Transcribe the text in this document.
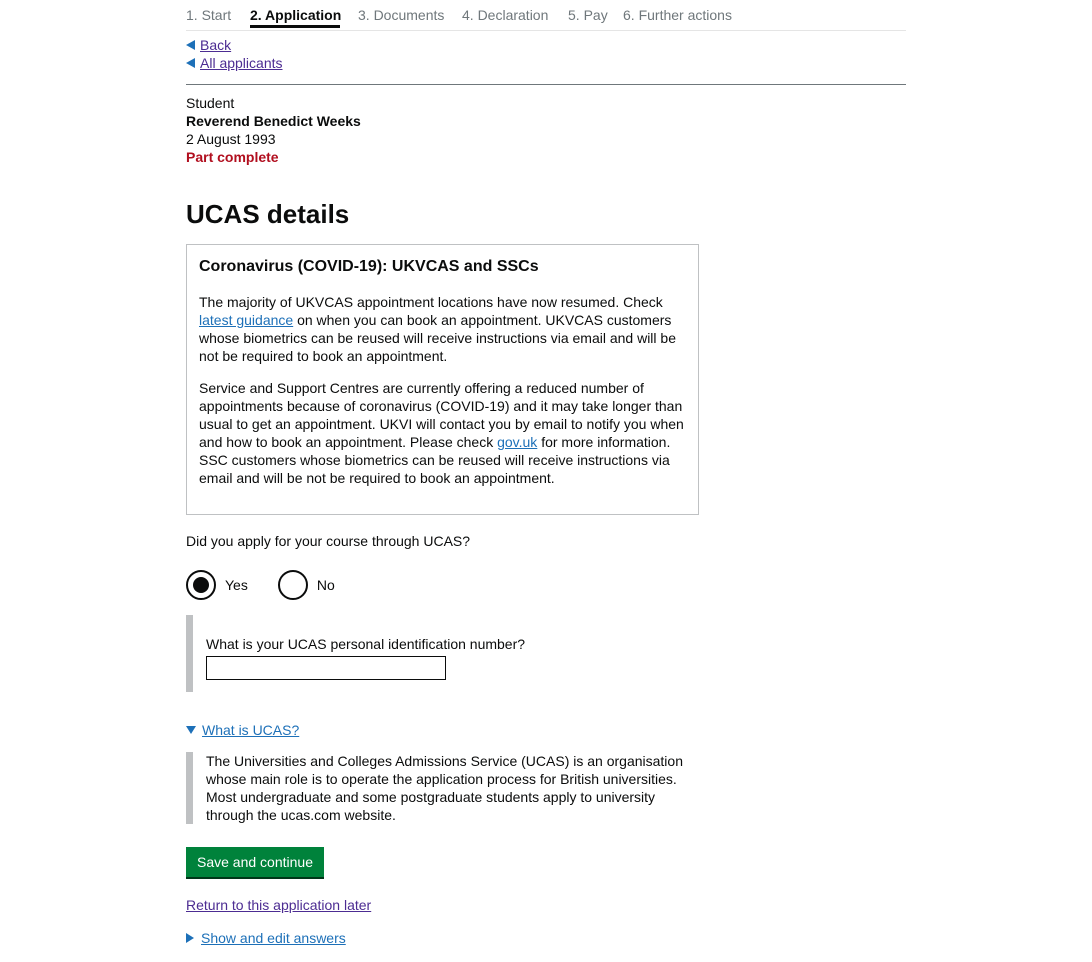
1. Start 2. Application 3. Documents 4. Declaration 5. Pay 6. Further actions
Back
All applicants
Student
Reverend Benedict Weeks
2 August 1993
Part complete
UCAS details
Coronavirus (COVID-19): UKVCAS and SSCs

The majority of UKVCAS appointment locations have now resumed. Check latest guidance on when you can book an appointment. UKVCAS customers whose biometrics can be reused will receive instructions via email and will be not be required to book an appointment.

Service and Support Centres are currently offering a reduced number of appointments because of coronavirus (COVID-19) and it may take longer than usual to get an appointment. UKVI will contact you by email to notify you when and how to book an appointment. Please check gov.uk for more information. SSC customers whose biometrics can be reused will receive instructions via email and will be not be required to book an appointment.

Did you apply for your course through UCAS?
Yes	No
What is your UCAS personal identification number?
What is UCAS?
The Universities and Colleges Admissions Service (UCAS) is an organisation whose main role is to operate the application process for British universities. Most undergraduate and some postgraduate students apply to university through the ucas.com website.
Save and continue
Return to this application later
Show and edit answers
